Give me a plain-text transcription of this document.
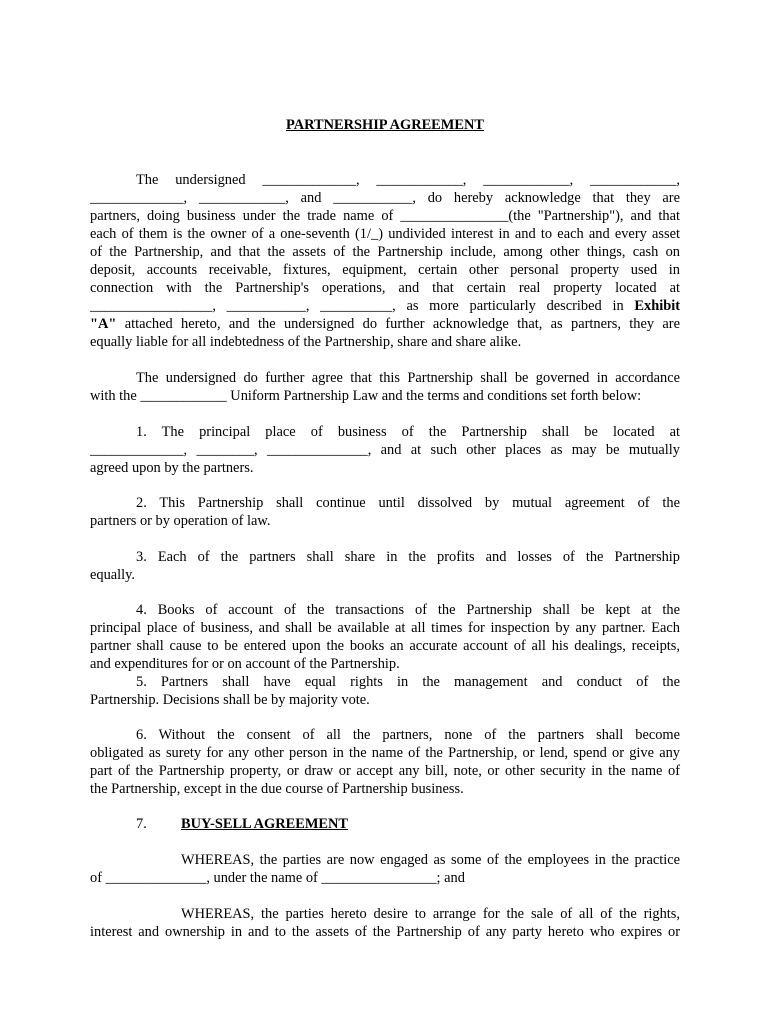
PARTNERSHIP AGREEMENT
The undersigned _____________, ____________, ____________, ____________,
_____________, ____________, and ___________, do hereby acknowledge that they are
partners, doing business under the trade name of _______________(the "Partnership"), and that
each of them is the owner of a one-seventh (1/_) undivided interest in and to each and every asset
of the Partnership, and that the assets of the Partnership include, among other things, cash on
deposit, accounts receivable, fixtures, equipment, certain other personal property used in
connection with the Partnership's operations, and that certain real property located at
_________________, ___________, __________, as more particularly described in Exhibit
"A" attached hereto, and the undersigned do further acknowledge that, as partners, they are
equally liable for all indebtedness of the Partnership, share and share alike.
The undersigned do further agree that this Partnership shall be governed in accordance
with the ____________ Uniform Partnership Law and the terms and conditions set forth below:
1. The principal place of business of the Partnership shall be located at
_____________, ________, ______________, and at such other places as may be mutually
agreed upon by the partners.
2. This Partnership shall continue until dissolved by mutual agreement of the
partners or by operation of law.
3. Each of the partners shall share in the profits and losses of the Partnership
equally.
4. Books of account of the transactions of the Partnership shall be kept at the
principal place of business, and shall be available at all times for inspection by any partner. Each
partner shall cause to be entered upon the books an accurate account of all his dealings, receipts,
and expenditures for or on account of the Partnership.
5. Partners shall have equal rights in the management and conduct of the
Partnership. Decisions shall be by majority vote.
6. Without the consent of all the partners, none of the partners shall become
obligated as surety for any other person in the name of the Partnership, or lend, spend or give any
part of the Partnership property, or draw or accept any bill, note, or other security in the name of
the Partnership, except in the due course of Partnership business.
7. BUY-SELL AGREEMENT
WHEREAS, the parties are now engaged as some of the employees in the practice
of ______________, under the name of ________________; and
WHEREAS, the parties hereto desire to arrange for the sale of all of the rights,
interest and ownership in and to the assets of the Partnership of any party hereto who expires or
